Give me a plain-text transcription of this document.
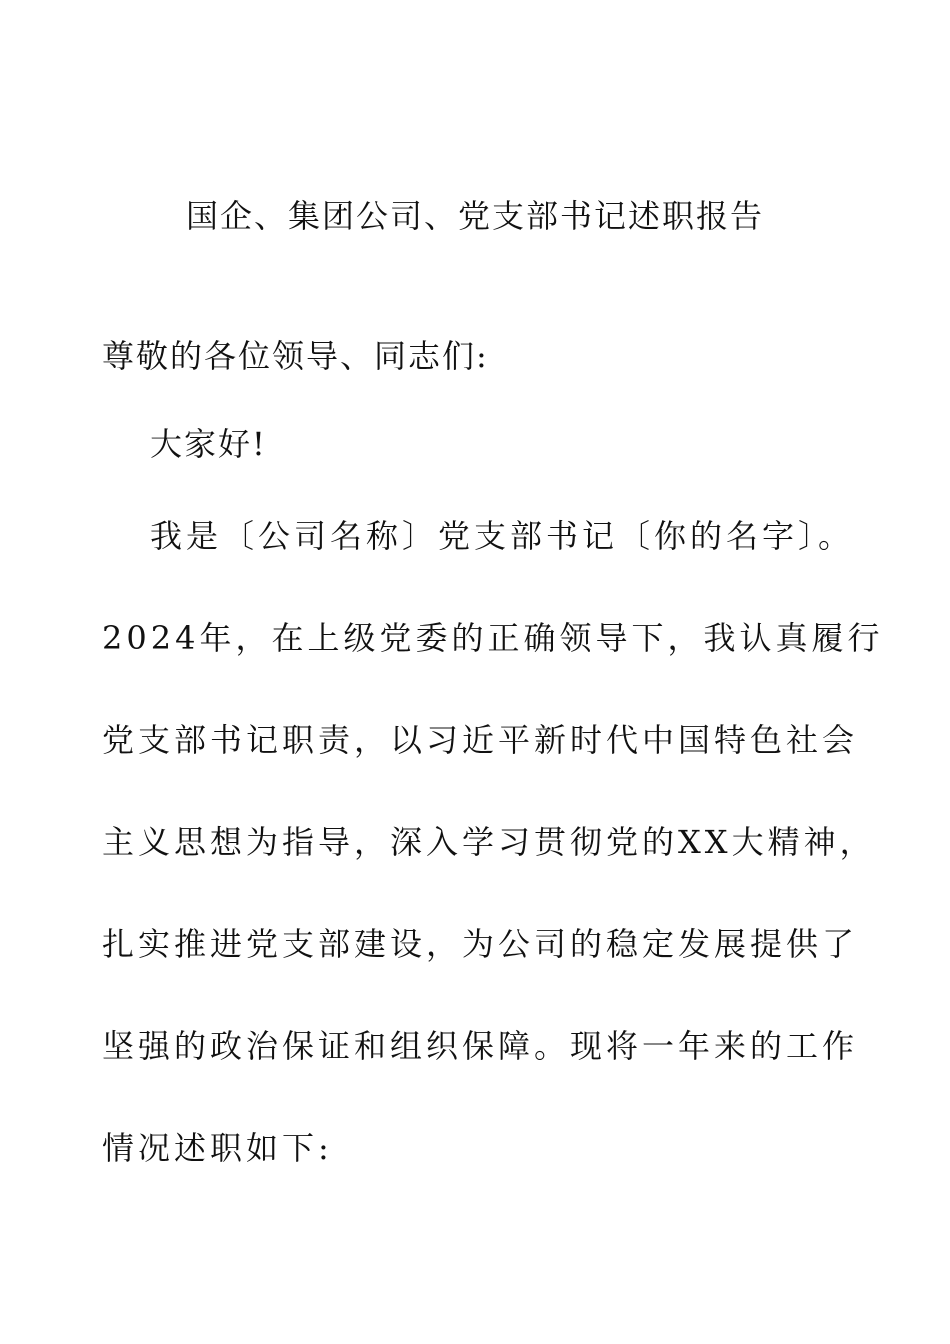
国企、集团公司、党支部书记述职报告
尊敬的各位领导、同志们:
大家好!
我是〔公司名称〕党支部书记〔你的名字〕。
2024年，在上级党委的正确领导下，我认真履行
党支部书记职责，以习近平新时代中国特色社会
主义思想为指导，深入学习贯彻党的XX大精神，
扎实推进党支部建设，为公司的稳定发展提供了
坚强的政治保证和组织保障。现将一年来的工作
情况述职如下:
